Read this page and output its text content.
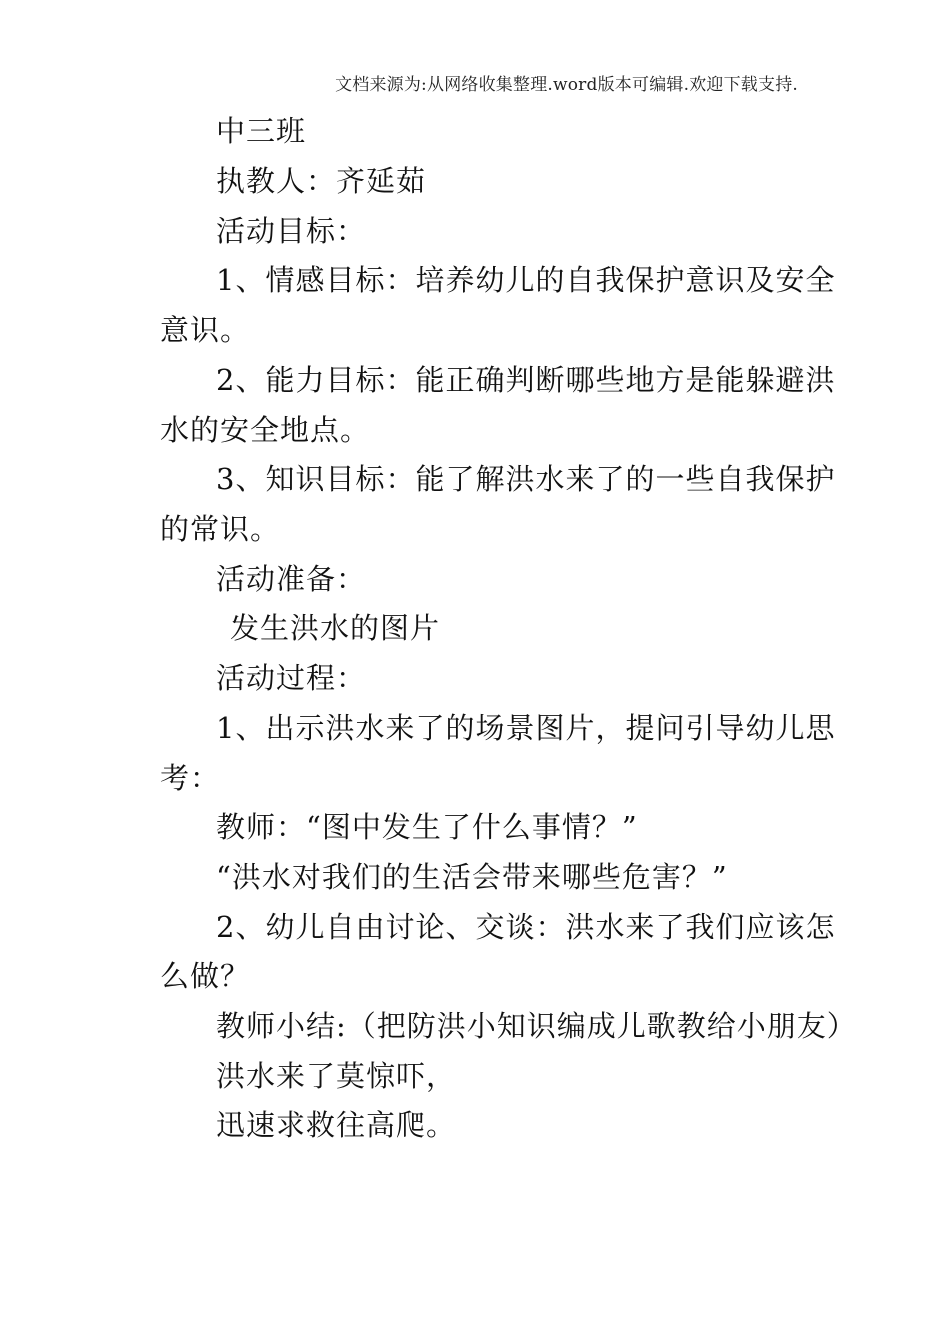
文档来源为:从网络收集整理.word版本可编辑.欢迎下载支持.
中三班
执教人：齐延茹
活动目标：
1、情感目标：培养幼儿的自我保护意识及安全
意识。
2、能力目标：能正确判断哪些地方是能躲避洪
水的安全地点。
3、知识目标：能了解洪水来了的一些自我保护
的常识。
活动准备：
发生洪水的图片
活动过程：
1、出示洪水来了的场景图片，提问引导幼儿思
考：
教师：“图中发生了什么事情？”
“洪水对我们的生活会带来哪些危害？”
2、幼儿自由讨论、交谈：洪水来了我们应该怎
么做？
教师小结:（把防洪小知识编成儿歌教给小朋友）
洪水来了莫惊吓，
迅速求救往高爬。
